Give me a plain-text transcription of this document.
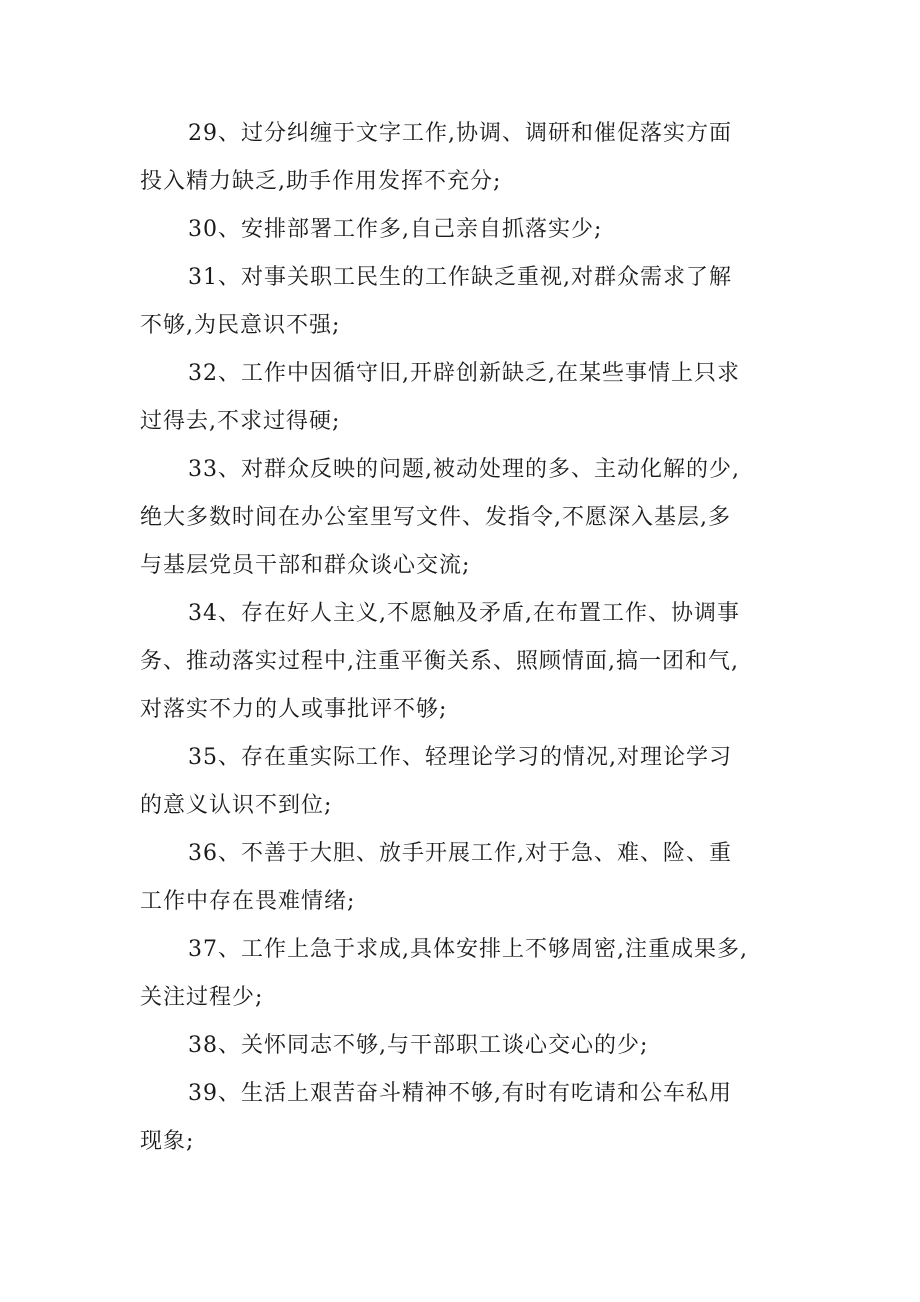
29、过分纠缠于文字工作,协调、调研和催促落实方面
投入精力缺乏,助手作用发挥不充分;

30、安排部署工作多,自己亲自抓落实少;

31、对事关职工民生的工作缺乏重视,对群众需求了解
不够,为民意识不强;

32、工作中因循守旧,开辟创新缺乏,在某些事情上只求
过得去,不求过得硬;

33、对群众反映的问题,被动处理的多、主动化解的少,
绝大多数时间在办公室里写文件、发指令,不愿深入基层,多
与基层党员干部和群众谈心交流;

34、存在好人主义,不愿触及矛盾,在布置工作、协调事
务、推动落实过程中,注重平衡关系、照顾情面,搞一团和气,
对落实不力的人或事批评不够;

35、存在重实际工作、轻理论学习的情况,对理论学习
的意义认识不到位;

36、不善于大胆、放手开展工作,对于急、难、险、重
工作中存在畏难情绪;

37、工作上急于求成,具体安排上不够周密,注重成果多,
关注过程少;

38、关怀同志不够,与干部职工谈心交心的少;

39、生活上艰苦奋斗精神不够,有时有吃请和公车私用
现象;
